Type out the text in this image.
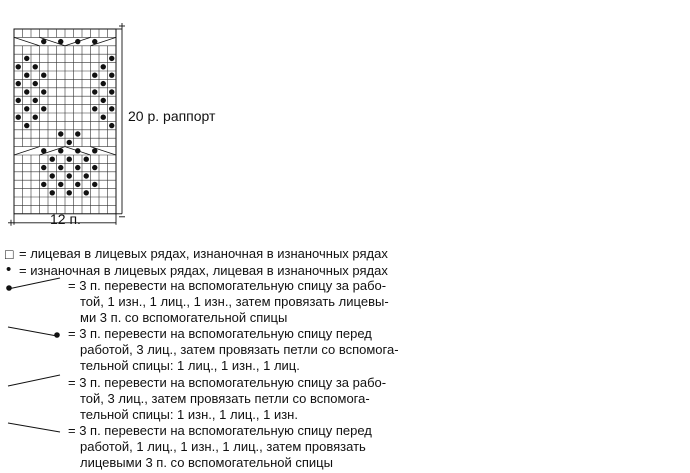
20 р. раппорт
12 п.
□ = лицевая в лицевых рядах, изнаночная в изнаночных рядах
• = изнаночная в лицевых рядах, лицевая в изнаночных рядах
= 3 п. перевести на вспомогательную спицу за рабо-
той, 1 изн., 1 лиц., 1 изн., затем провязать лицевы-
ми 3 п. со вспомогательной спицы
= 3 п. перевести на вспомогательную спицу перед
работой, 3 лиц., затем провязать петли со вспомога-
тельной спицы: 1 лиц., 1 изн., 1 лиц.
= 3 п. перевести на вспомогательную спицу за рабо-
той, 3 лиц., затем провязать петли со вспомога-
тельной спицы: 1 изн., 1 лиц., 1 изн.
= 3 п. перевести на вспомогательную спицу перед
работой, 1 лиц., 1 изн., 1 лиц., затем провязать
лицевыми 3 п. со вспомогательной спицы
